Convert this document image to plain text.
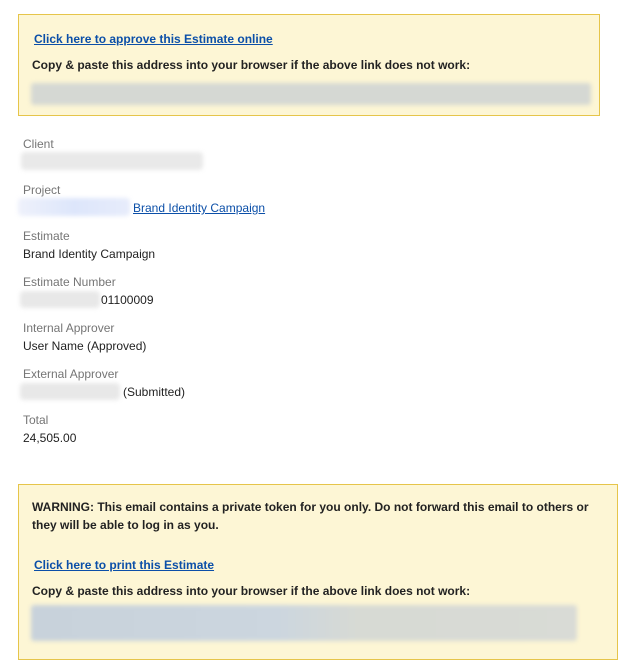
Click here to approve this Estimate online
Copy & paste this address into your browser if the above link does not work:
Client
Project
Brand Identity Campaign
Estimate
Brand Identity Campaign
Estimate Number
01100009
Internal Approver
User Name (Approved)
External Approver
(Submitted)
Total
24,505.00
WARNING: This email contains a private token for you only. Do not forward this email to others or they will be able to log in as you.
Click here to print this Estimate
Copy & paste this address into your browser if the above link does not work:
